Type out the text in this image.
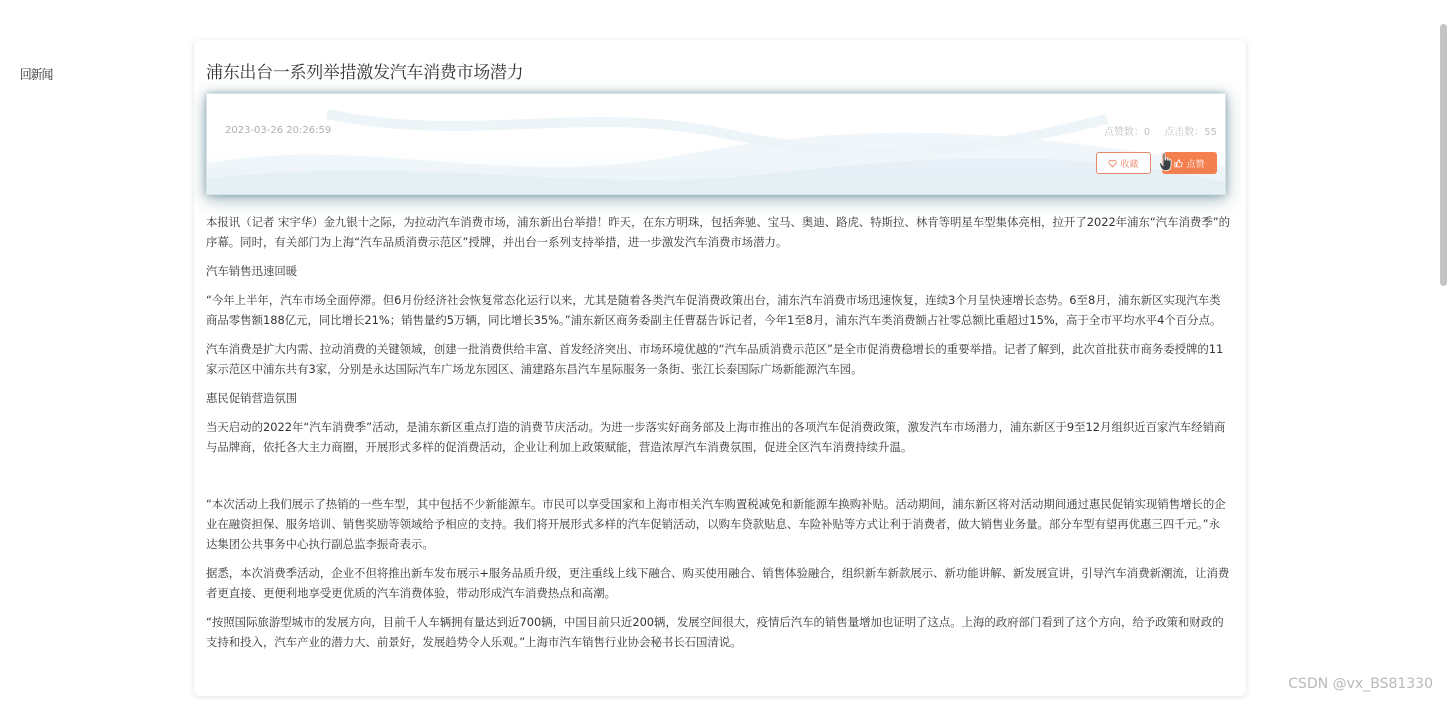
回新闻	浦东出台一系列举措激发汽车消费市场潜力
2023-03-26 20:26:59	点赞数：0 点击数：55
收藏	点赞

本报讯（记者 宋宇华）金九银十之际，为拉动汽车消费市场，浦东新出台举措！昨天，在东方明珠，包括奔驰、宝马、奥迪、路虎、特斯拉、林肯等明星车型集体亮相，拉开了2022年浦东“汽车消费季”的序幕。同时，有关部门为上海“汽车品质消费示范区”授牌，并出台一系列支持举措，进一步激发汽车消费市场潜力。

汽车销售迅速回暖

“今年上半年，汽车市场全面停滞。但6月份经济社会恢复常态化运行以来，尤其是随着各类汽车促消费政策出台，浦东汽车消费市场迅速恢复，连续3个月呈快速增长态势。6至8月，浦东新区实现汽车类商品零售额188亿元，同比增长21%；销售量约5万辆，同比增长35%。”浦东新区商务委副主任曹磊告诉记者，今年1至8月，浦东汽车类消费额占社零总额比重超过15%，高于全市平均水平4个百分点。

汽车消费是扩大内需、拉动消费的关键领域，创建一批消费供给丰富、首发经济突出、市场环境优越的“汽车品质消费示范区”是全市促消费稳增长的重要举措。记者了解到，此次首批获市商务委授牌的11家示范区中浦东共有3家，分别是永达国际汽车广场龙东园区、浦建路东昌汽车星际服务一条街、张江长泰国际广场新能源汽车园。

惠民促销营造氛围

当天启动的2022年“汽车消费季”活动，是浦东新区重点打造的消费节庆活动。为进一步落实好商务部及上海市推出的各项汽车促消费政策，激发汽车市场潜力，浦东新区于9至12月组织近百家汽车经销商与品牌商，依托各大主力商圈，开展形式多样的促消费活动，企业让利加上政策赋能，营造浓厚汽车消费氛围，促进全区汽车消费持续升温。

“本次活动上我们展示了热销的一些车型，其中包括不少新能源车。市民可以享受国家和上海市相关汽车购置税减免和新能源车换购补贴。活动期间，浦东新区将对活动期间通过惠民促销实现销售增长的企业在融资担保、服务培训、销售奖励等领域给予相应的支持。我们将开展形式多样的汽车促销活动，以购车贷款贴息、车险补贴等方式让利于消费者，做大销售业务量。部分车型有望再优惠三四千元。”永达集团公共事务中心执行副总监李振奇表示。

据悉，本次消费季活动，企业不但将推出新车发布展示+服务品质升级，更注重线上线下融合、购买使用融合、销售体验融合，组织新车新款展示、新功能讲解、新发展宣讲，引导汽车消费新潮流，让消费者更直接、更便利地享受更优质的汽车消费体验，带动形成汽车消费热点和高潮。

“按照国际旅游型城市的发展方向，目前千人车辆拥有量达到近700辆，中国目前只近200辆，发展空间很大，疫情后汽车的销售量增加也证明了这点。上海的政府部门看到了这个方向，给予政策和财政的支持和投入，汽车产业的潜力大、前景好，发展趋势令人乐观。”上海市汽车销售行业协会秘书长石国清说。

CSDN @vx_BS81330
